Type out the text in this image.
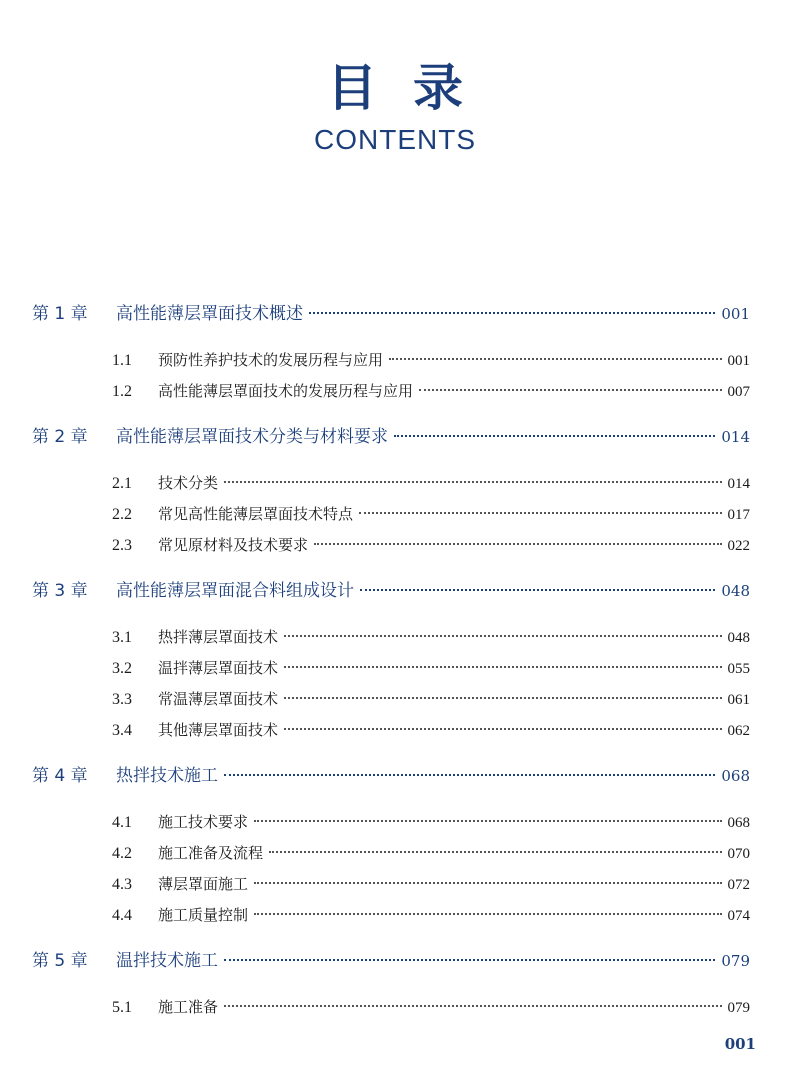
目录
CONTENTS
第 1 章	高性能薄层罩面技术概述	001
1.1	预防性养护技术的发展历程与应用	001
1.2	高性能薄层罩面技术的发展历程与应用	007
第 2 章	高性能薄层罩面技术分类与材料要求	014
2.1	技术分类	014
2.2	常见高性能薄层罩面技术特点	017
2.3	常见原材料及技术要求	022
第 3 章	高性能薄层罩面混合料组成设计	048
3.1	热拌薄层罩面技术	048
3.2	温拌薄层罩面技术	055
3.3	常温薄层罩面技术	061
3.4	其他薄层罩面技术	062
第 4 章	热拌技术施工	068
4.1	施工技术要求	068
4.2	施工准备及流程	070
4.3	薄层罩面施工	072
4.4	施工质量控制	074
第 5 章	温拌技术施工	079
5.1	施工准备	079
001
